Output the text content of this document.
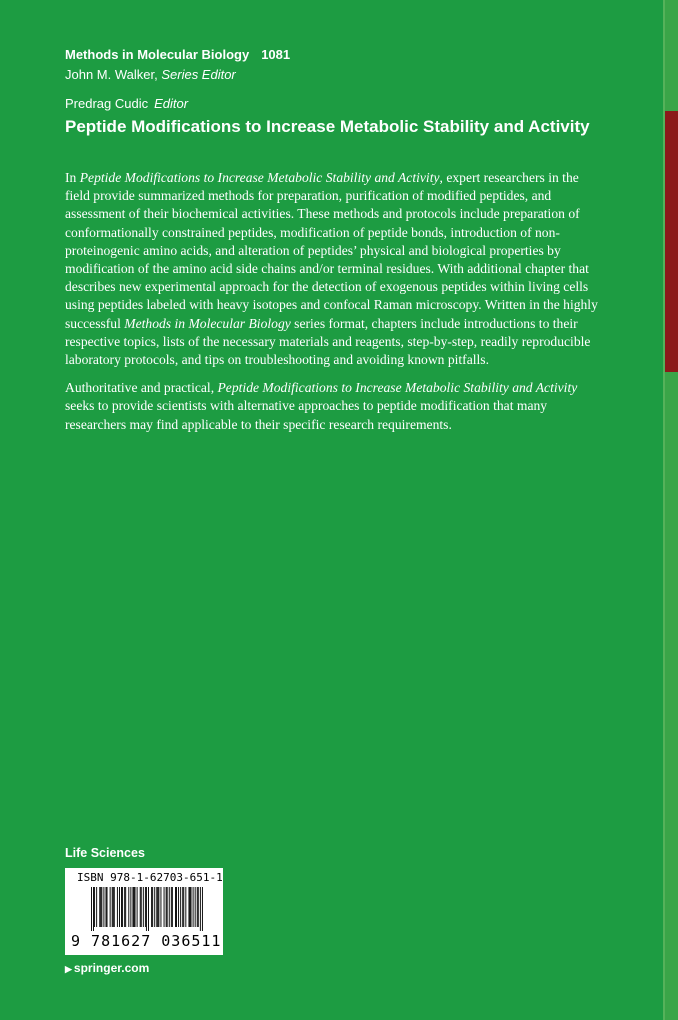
Methods in Molecular Biology 1081
John M. Walker, Series Editor
Predrag Cudic Editor
Peptide Modifications to Increase Metabolic Stability and Activity

In Peptide Modifications to Increase Metabolic Stability and Activity, expert researchers in the field provide summarized methods for preparation, purification of modified peptides, and assessment of their biochemical activities. These methods and protocols include preparation of conformationally constrained peptides, modification of peptide bonds, introduction of non-proteinogenic amino acids, and alteration of peptides’ physical and biological properties by modification of the amino acid side chains and/or terminal residues. With additional chapter that describes new experimental approach for the detection of exogenous peptides within living cells using peptides labeled with heavy isotopes and confocal Raman microscopy. Written in the highly successful Methods in Molecular Biology series format, chapters include introductions to their respective topics, lists of the necessary materials and reagents, step-by-step, readily reproducible laboratory protocols, and tips on troubleshooting and avoiding known pitfalls.

Authoritative and practical, Peptide Modifications to Increase Metabolic Stability and Activity seeks to provide scientists with alternative approaches to peptide modification that many researchers may find applicable to their specific research requirements.

Life Sciences
ISBN 978-1-62703-651-1
9 781627 036511
▶ springer.com
